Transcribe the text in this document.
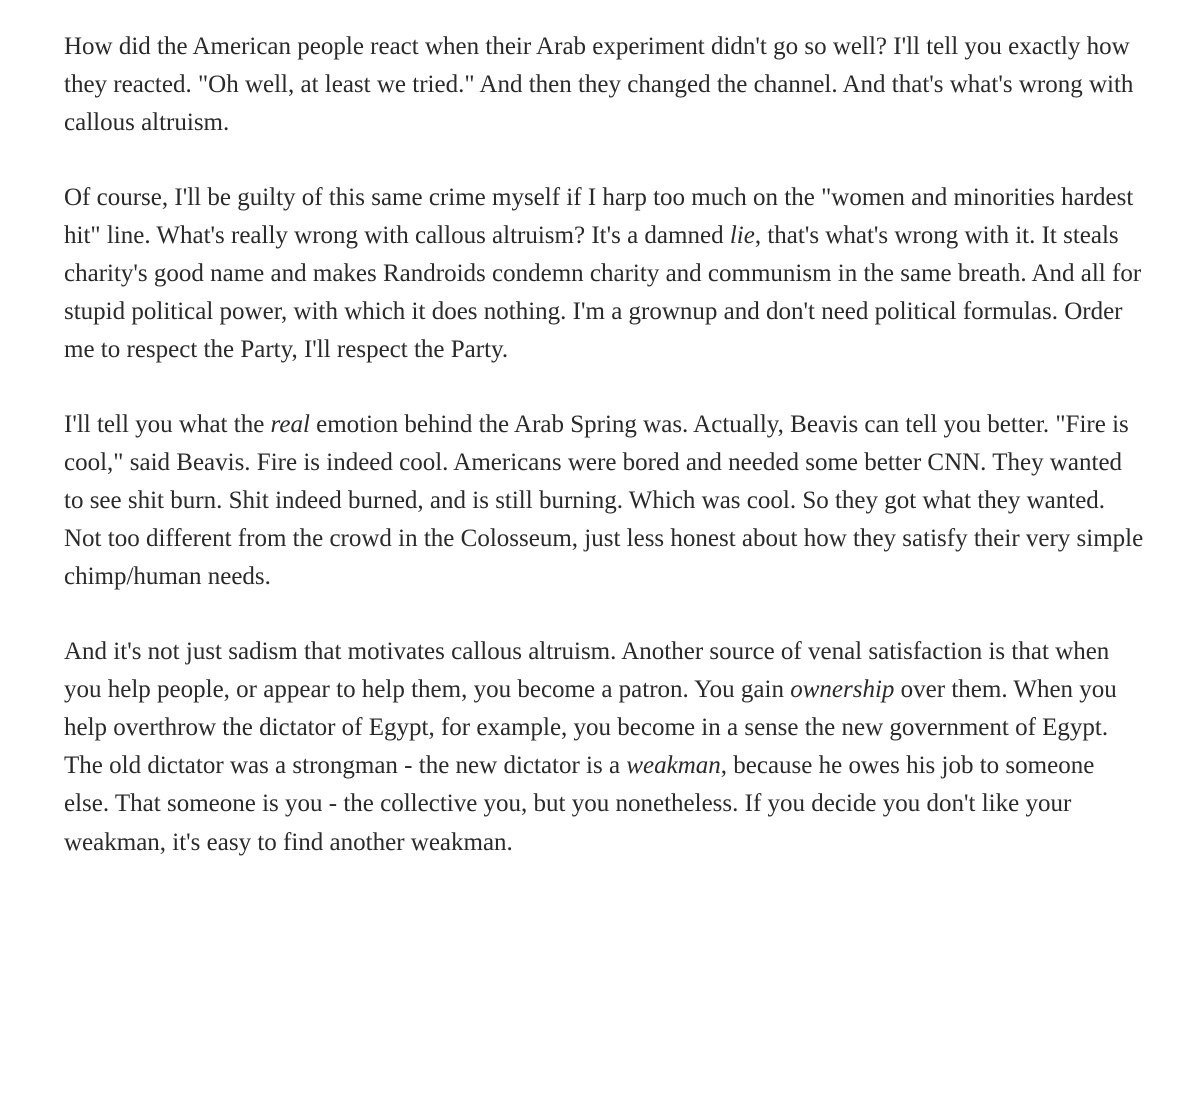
How did the American people react when their Arab experiment didn't go so well? I'll tell you exactly how they reacted. "Oh well, at least we tried." And then they changed the channel. And that's what's wrong with callous altruism.

Of course, I'll be guilty of this same crime myself if I harp too much on the "women and minorities hardest hit" line. What's really wrong with callous altruism? It's a damned lie, that's what's wrong with it. It steals charity's good name and makes Randroids condemn charity and communism in the same breath. And all for stupid political power, with which it does nothing. I'm a grownup and don't need political formulas. Order me to respect the Party, I'll respect the Party.

I'll tell you what the real emotion behind the Arab Spring was. Actually, Beavis can tell you better. "Fire is cool," said Beavis. Fire is indeed cool. Americans were bored and needed some better CNN. They wanted to see shit burn. Shit indeed burned, and is still burning. Which was cool. So they got what they wanted. Not too different from the crowd in the Colosseum, just less honest about how they satisfy their very simple chimp/human needs.

And it's not just sadism that motivates callous altruism. Another source of venal satisfaction is that when you help people, or appear to help them, you become a patron. You gain ownership over them. When you help overthrow the dictator of Egypt, for example, you become in a sense the new government of Egypt. The old dictator was a strongman - the new dictator is a weakman, because he owes his job to someone else. That someone is you - the collective you, but you nonetheless. If you decide you don't like your weakman, it's easy to find another weakman.
